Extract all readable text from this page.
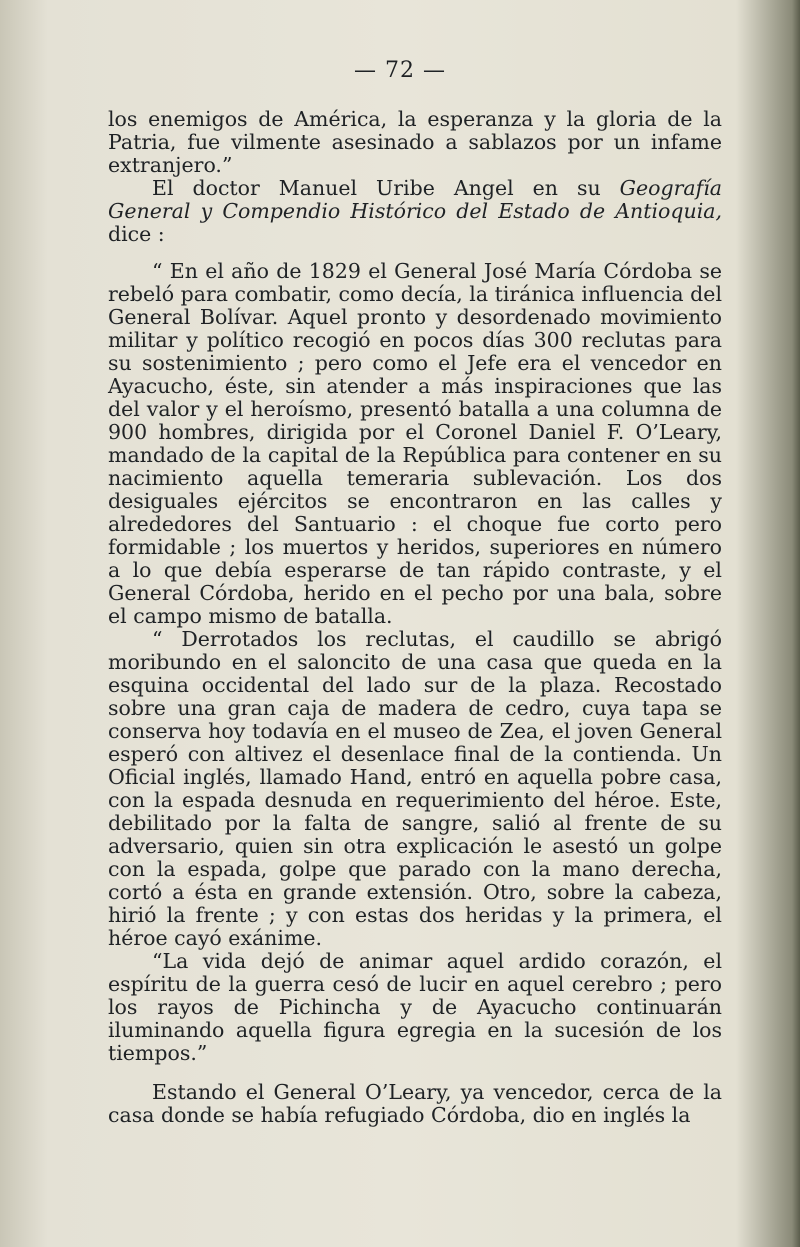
— 72 —

los enemigos de América, la esperanza y la gloria de la Patria, fue vilmente asesinado a sablazos por un infame extranjero.”

El doctor Manuel Uribe Angel en su Geografía General y Compendio Histórico del Estado de Antioquia, dice :

“ En el año de 1829 el General José María Córdoba se rebeló para combatir, como decía, la tiránica influencia del General Bolívar. Aquel pronto y desordenado movimiento militar y político recogió en pocos días 300 reclutas para su sostenimiento ; pero como el Jefe era el vencedor en Ayacucho, éste, sin atender a más inspiraciones que las del valor y el heroísmo, presentó batalla a una columna de 900 hombres, dirigida por el Coronel Daniel F. O’Leary, mandado de la capital de la República para contener en su nacimiento aquella temeraria sublevación. Los dos desiguales ejércitos se encontraron en las calles y alrededores del Santuario : el choque fue corto pero formidable ; los muertos y heridos, superiores en número a lo que debía esperarse de tan rápido contraste, y el General Córdoba, herido en el pecho por una bala, sobre el campo mismo de batalla.

“ Derrotados los reclutas, el caudillo se abrigó moribundo en el saloncito de una casa que queda en la esquina occidental del lado sur de la plaza. Recostado sobre una gran caja de madera de cedro, cuya tapa se conserva hoy todavía en el museo de Zea, el joven General esperó con altivez el desenlace final de la contienda. Un Oficial inglés, llamado Hand, entró en aquella pobre casa, con la espada desnuda en requerimiento del héroe. Este, debilitado por la falta de sangre, salió al frente de su adversario, quien sin otra explicación le asestó un golpe con la espada, golpe que parado con la mano derecha, cortó a ésta en grande extensión. Otro, sobre la cabeza, hirió la frente ; y con estas dos heridas y la primera, el héroe cayó exánime.

“La vida dejó de animar aquel ardido corazón, el espíritu de la guerra cesó de lucir en aquel cerebro ; pero los rayos de Pichincha y de Ayacucho continuarán iluminando aquella figura egregia en la sucesión de los tiempos.”

Estando el General O’Leary, ya vencedor, cerca de la casa donde se había refugiado Córdoba, dio en inglés la
